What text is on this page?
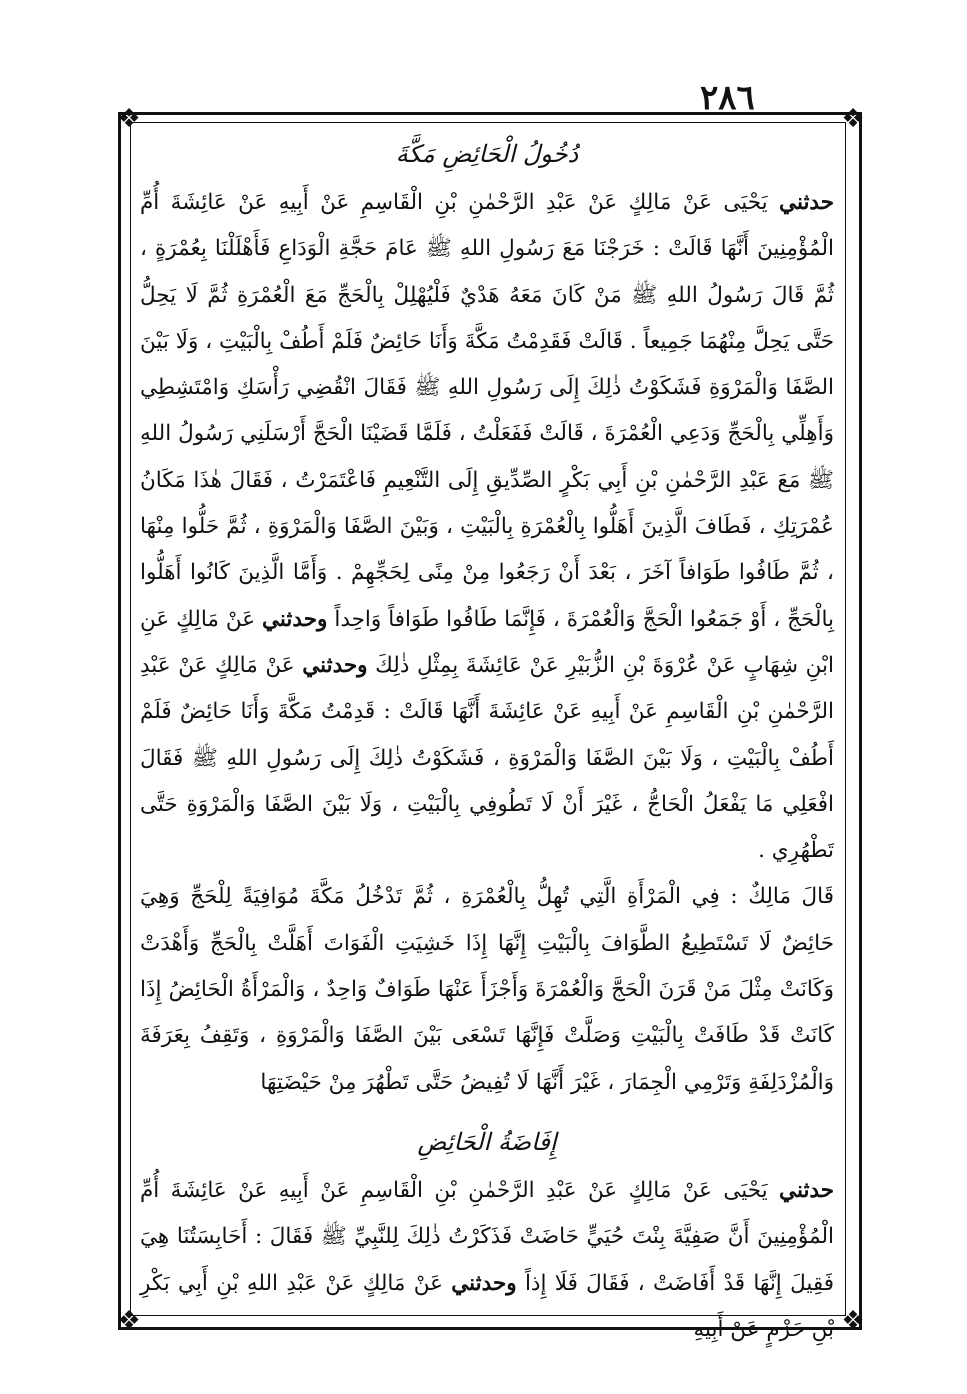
٢٨٦
❖	❖
❖	❖
دُخُولُ الْحَائِضِ مَكَّةَ

حدثني يَحْيَى عَنْ مَالِكٍ عَنْ عَبْدِ الرَّحْمٰنِ بْنِ الْقَاسِمِ عَنْ أَبِيهِ عَنْ عَائِشَةَ أُمِّ الْمُؤْمِنِينَ أَنَّهَا قَالَتْ : خَرَجْنَا مَعَ رَسُولِ اللهِ ﷺ عَامَ حَجَّةِ الْوَدَاعِ فَأَهْلَلْنَا بِعُمْرَةٍ ، ثُمَّ قَالَ رَسُولُ اللهِ ﷺ مَنْ كَانَ مَعَهُ هَدْيٌ فَلْيُهْلِلْ بِالْحَجِّ مَعَ الْعُمْرَةِ ثُمَّ لَا يَحِلُّ حَتَّى يَحِلَّ مِنْهُمَا جَمِيعاً . قَالَتْ فَقَدِمْتُ مَكَّةَ وَأَنَا حَائِضٌ فَلَمْ أَطُفْ بِالْبَيْتِ ، وَلَا بَيْنَ الصَّفَا وَالْمَرْوَةِ فَشَكَوْتُ ذٰلِكَ إِلَى رَسُولِ اللهِ ﷺ فَقَالَ انْقُضِي رَأْسَكِ وَامْتَشِطِي وَأَهِلِّي بِالْحَجِّ وَدَعِي الْعُمْرَةَ ، قَالَتْ فَفَعَلْتُ ، فَلَمَّا قَضَيْنَا الْحَجَّ أَرْسَلَنِي رَسُولُ اللهِ ﷺ مَعَ عَبْدِ الرَّحْمٰنِ بْنِ أَبِي بَكْرٍ الصِّدِّيقِ إِلَى التَّنْعِيمِ فَاعْتَمَرْتُ ، فَقَالَ هٰذَا مَكَانُ عُمْرَتِكِ ، فَطَافَ الَّذِينَ أَهَلُّوا بِالْعُمْرَةِ بِالْبَيْتِ ، وَبَيْنَ الصَّفَا وَالْمَرْوَةِ ، ثُمَّ حَلُّوا مِنْهَا ، ثُمَّ طَافُوا طَوَافاً آخَرَ ، بَعْدَ أَنْ رَجَعُوا مِنْ مِنًى لِحَجِّهِمْ . وَأَمَّا الَّذِينَ كَانُوا أَهَلُّوا بِالْحَجِّ ، أَوْ جَمَعُوا الْحَجَّ وَالْعُمْرَةَ ، فَإِنَّمَا طَافُوا طَوَافاً وَاحِداً وحدثني عَنْ مَالِكٍ عَنِ ابْنِ شِهَابٍ عَنْ عُرْوَةَ بْنِ الزُّبَيْرِ عَنْ عَائِشَةَ بِمِثْلِ ذٰلِكَ وحدثني عَنْ مَالِكٍ عَنْ عَبْدِ الرَّحْمٰنِ بْنِ الْقَاسِمِ عَنْ أَبِيهِ عَنْ عَائِشَةَ أَنَّهَا قَالَتْ : قَدِمْتُ مَكَّةَ وَأَنَا حَائِضٌ فَلَمْ أَطُفْ بِالْبَيْتِ ، وَلَا بَيْنَ الصَّفَا وَالْمَرْوَةِ ، فَشَكَوْتُ ذٰلِكَ إِلَى رَسُولِ اللهِ ﷺ فَقَالَ افْعَلِي مَا يَفْعَلُ الْحَاجُّ ، غَيْرَ أَنْ لَا تَطُوفِي بِالْبَيْتِ ، وَلَا بَيْنَ الصَّفَا وَالْمَرْوَةِ حَتَّى تَطْهُرِي .

قَالَ مَالِكٌ : فِي الْمَرْأَةِ الَّتِي تُهِلُّ بِالْعُمْرَةِ ، ثُمَّ تَدْخُلُ مَكَّةَ مُوَافِيَةً لِلْحَجِّ وَهِيَ حَائِضٌ لَا تَسْتَطِيعُ الطَّوَافَ بِالْبَيْتِ إِنَّهَا إِذَا خَشِيَتِ الْفَوَاتَ أَهَلَّتْ بِالْحَجِّ وَأَهْدَتْ وَكَانَتْ مِثْلَ مَنْ قَرَنَ الْحَجَّ وَالْعُمْرَةَ وَأَجْزَأَ عَنْهَا طَوَافٌ وَاحِدٌ ، وَالْمَرْأَةُ الْحَائِضُ إِذَا كَانَتْ قَدْ طَافَتْ بِالْبَيْتِ وَصَلَّتْ فَإِنَّهَا تَسْعَى بَيْنَ الصَّفَا وَالْمَرْوَةِ ، وَتَقِفُ بِعَرَفَةَ وَالْمُزْدَلِفَةِ وَتَرْمِي الْجِمَارَ ، غَيْرَ أَنَّهَا لَا تُفِيضُ حَتَّى تَطْهُرَ مِنْ حَيْضَتِهَا

إِفَاضَةُ الْحَائِضِ

حدثني يَحْيَى عَنْ مَالِكٍ عَنْ عَبْدِ الرَّحْمٰنِ بْنِ الْقَاسِمِ عَنْ أَبِيهِ عَنْ عَائِشَةَ أُمِّ الْمُؤْمِنِينَ أَنَّ صَفِيَّةَ بِنْتَ حُيَيٍّ حَاضَتْ فَذَكَرْتُ ذٰلِكَ لِلنَّبِيِّ ﷺ فَقَالَ : أَحَابِسَتُنَا هِيَ فَقِيلَ إِنَّهَا قَدْ أَفَاضَتْ ، فَقَالَ فَلَا إِذاً وحدثني عَنْ مَالِكٍ عَنْ عَبْدِ اللهِ بْنِ أَبِي بَكْرِ بْنِ حَزْمٍ عَنْ أَبِيهِ
